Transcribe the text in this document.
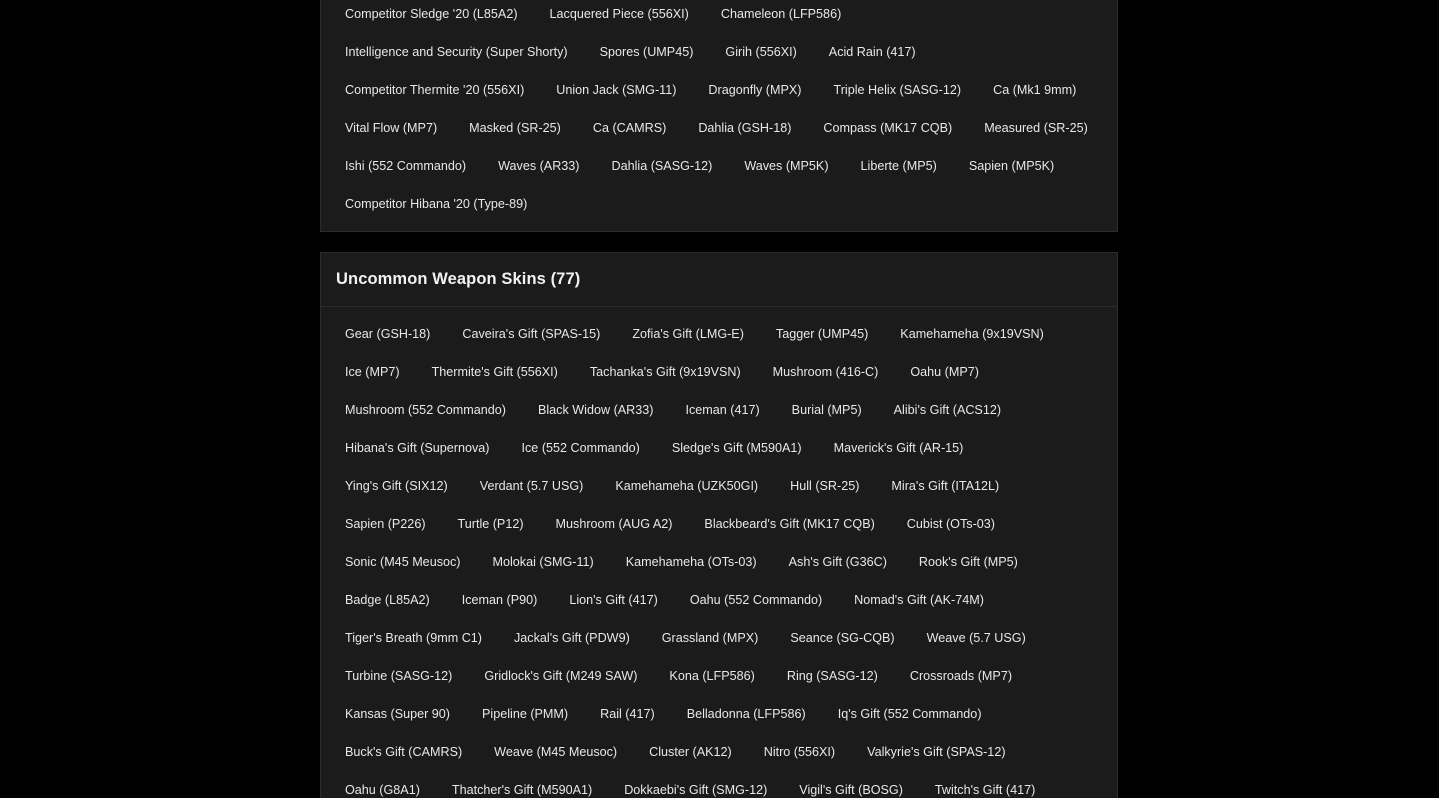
Competitor Sledge '20 (L85A2)	Lacquered Piece (556XI)	Chameleon (LFP586)
Intelligence and Security (Super Shorty)	Spores (UMP45)	Girih (556XI)	Acid Rain (417)
Competitor Thermite '20 (556XI)	Union Jack (SMG-11)	Dragonfly (MPX)	Triple Helix (SASG-12)	Ca (Mk1 9mm)
Vital Flow (MP7)	Masked (SR-25)	Ca (CAMRS)	Dahlia (GSH-18)	Compass (MK17 CQB)	Measured (SR-25)
Ishi (552 Commando)	Waves (AR33)	Dahlia (SASG-12)	Waves (MP5K)	Liberte (MP5)	Sapien (MP5K)
Competitor Hibana '20 (Type-89)
Uncommon Weapon Skins (77)
Gear (GSH-18)	Caveira's Gift (SPAS-15)	Zofia's Gift (LMG-E)	Tagger (UMP45)	Kamehameha (9x19VSN)
Ice (MP7)	Thermite's Gift (556XI)	Tachanka's Gift (9x19VSN)	Mushroom (416-C)	Oahu (MP7)
Mushroom (552 Commando)	Black Widow (AR33)	Iceman (417)	Burial (MP5)	Alibi's Gift (ACS12)
Hibana's Gift (Supernova)	Ice (552 Commando)	Sledge's Gift (M590A1)	Maverick's Gift (AR-15)
Ying's Gift (SIX12)	Verdant (5.7 USG)	Kamehameha (UZK50GI)	Hull (SR-25)	Mira's Gift (ITA12L)
Sapien (P226)	Turtle (P12)	Mushroom (AUG A2)	Blackbeard's Gift (MK17 CQB)	Cubist (OTs-03)
Sonic (M45 Meusoc)	Molokai (SMG-11)	Kamehameha (OTs-03)	Ash's Gift (G36C)	Rook's Gift (MP5)
Badge (L85A2)	Iceman (P90)	Lion's Gift (417)	Oahu (552 Commando)	Nomad's Gift (AK-74M)
Tiger's Breath (9mm C1)	Jackal's Gift (PDW9)	Grassland (MPX)	Seance (SG-CQB)	Weave (5.7 USG)
Turbine (SASG-12)	Gridlock's Gift (M249 SAW)	Kona (LFP586)	Ring (SASG-12)	Crossroads (MP7)
Kansas (Super 90)	Pipeline (PMM)	Rail (417)	Belladonna (LFP586)	Iq's Gift (552 Commando)
Buck's Gift (CAMRS)	Weave (M45 Meusoc)	Cluster (AK12)	Nitro (556XI)	Valkyrie's Gift (SPAS-12)
Oahu (G8A1)	Thatcher's Gift (M590A1)	Dokkaebi's Gift (SMG-12)	Vigil's Gift (BOSG)	Twitch's Gift (417)
